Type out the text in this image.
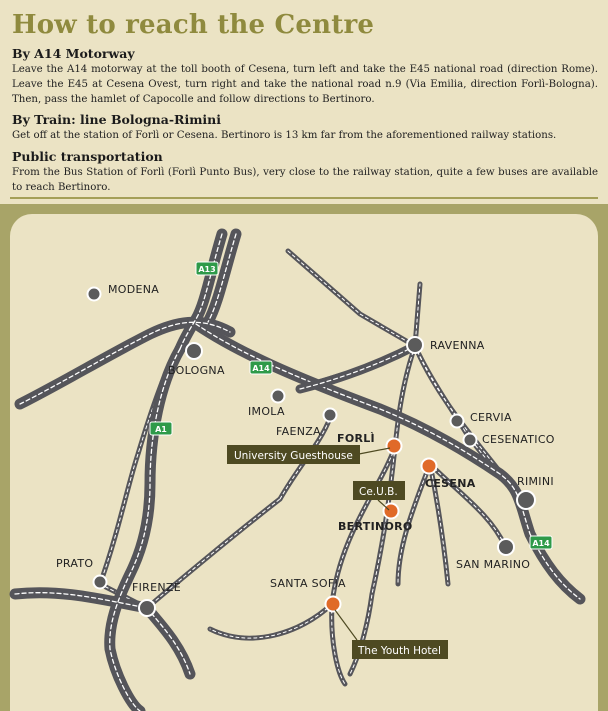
How to reach the Centre
By A14 Motorway
Leave the A14 motorway at the toll booth of Cesena, turn left and take the E45 national road (direction Rome). Leave the E45 at Cesena Ovest, turn right and take the national road n.9 (Via Emilia, direction Forlì-Bologna). Then, pass the hamlet of Capocolle and follow directions to Bertinoro.
By Train: line Bologna-Rimini
Get off at the station of Forlì or Cesena. Bertinoro is 13 km far from the aforementioned railway stations.
Public transportation
From the Bus Station of Forlì (Forlì Punto Bus), very close to the railway station, quite a few buses are available to reach Bertinoro.
A13
A14
A1
A14
MODENA
BOLOGNA
IMOLA
FAENZA
FORLÌ
RAVENNA
CERVIA
CESENATICO
RIMINI
SAN MARINO
CESENA
BERTINORO
PRATO
FIRENZE	SANTA SOFIA
University Guesthouse
Ce.U.B.
The Youth Hotel
